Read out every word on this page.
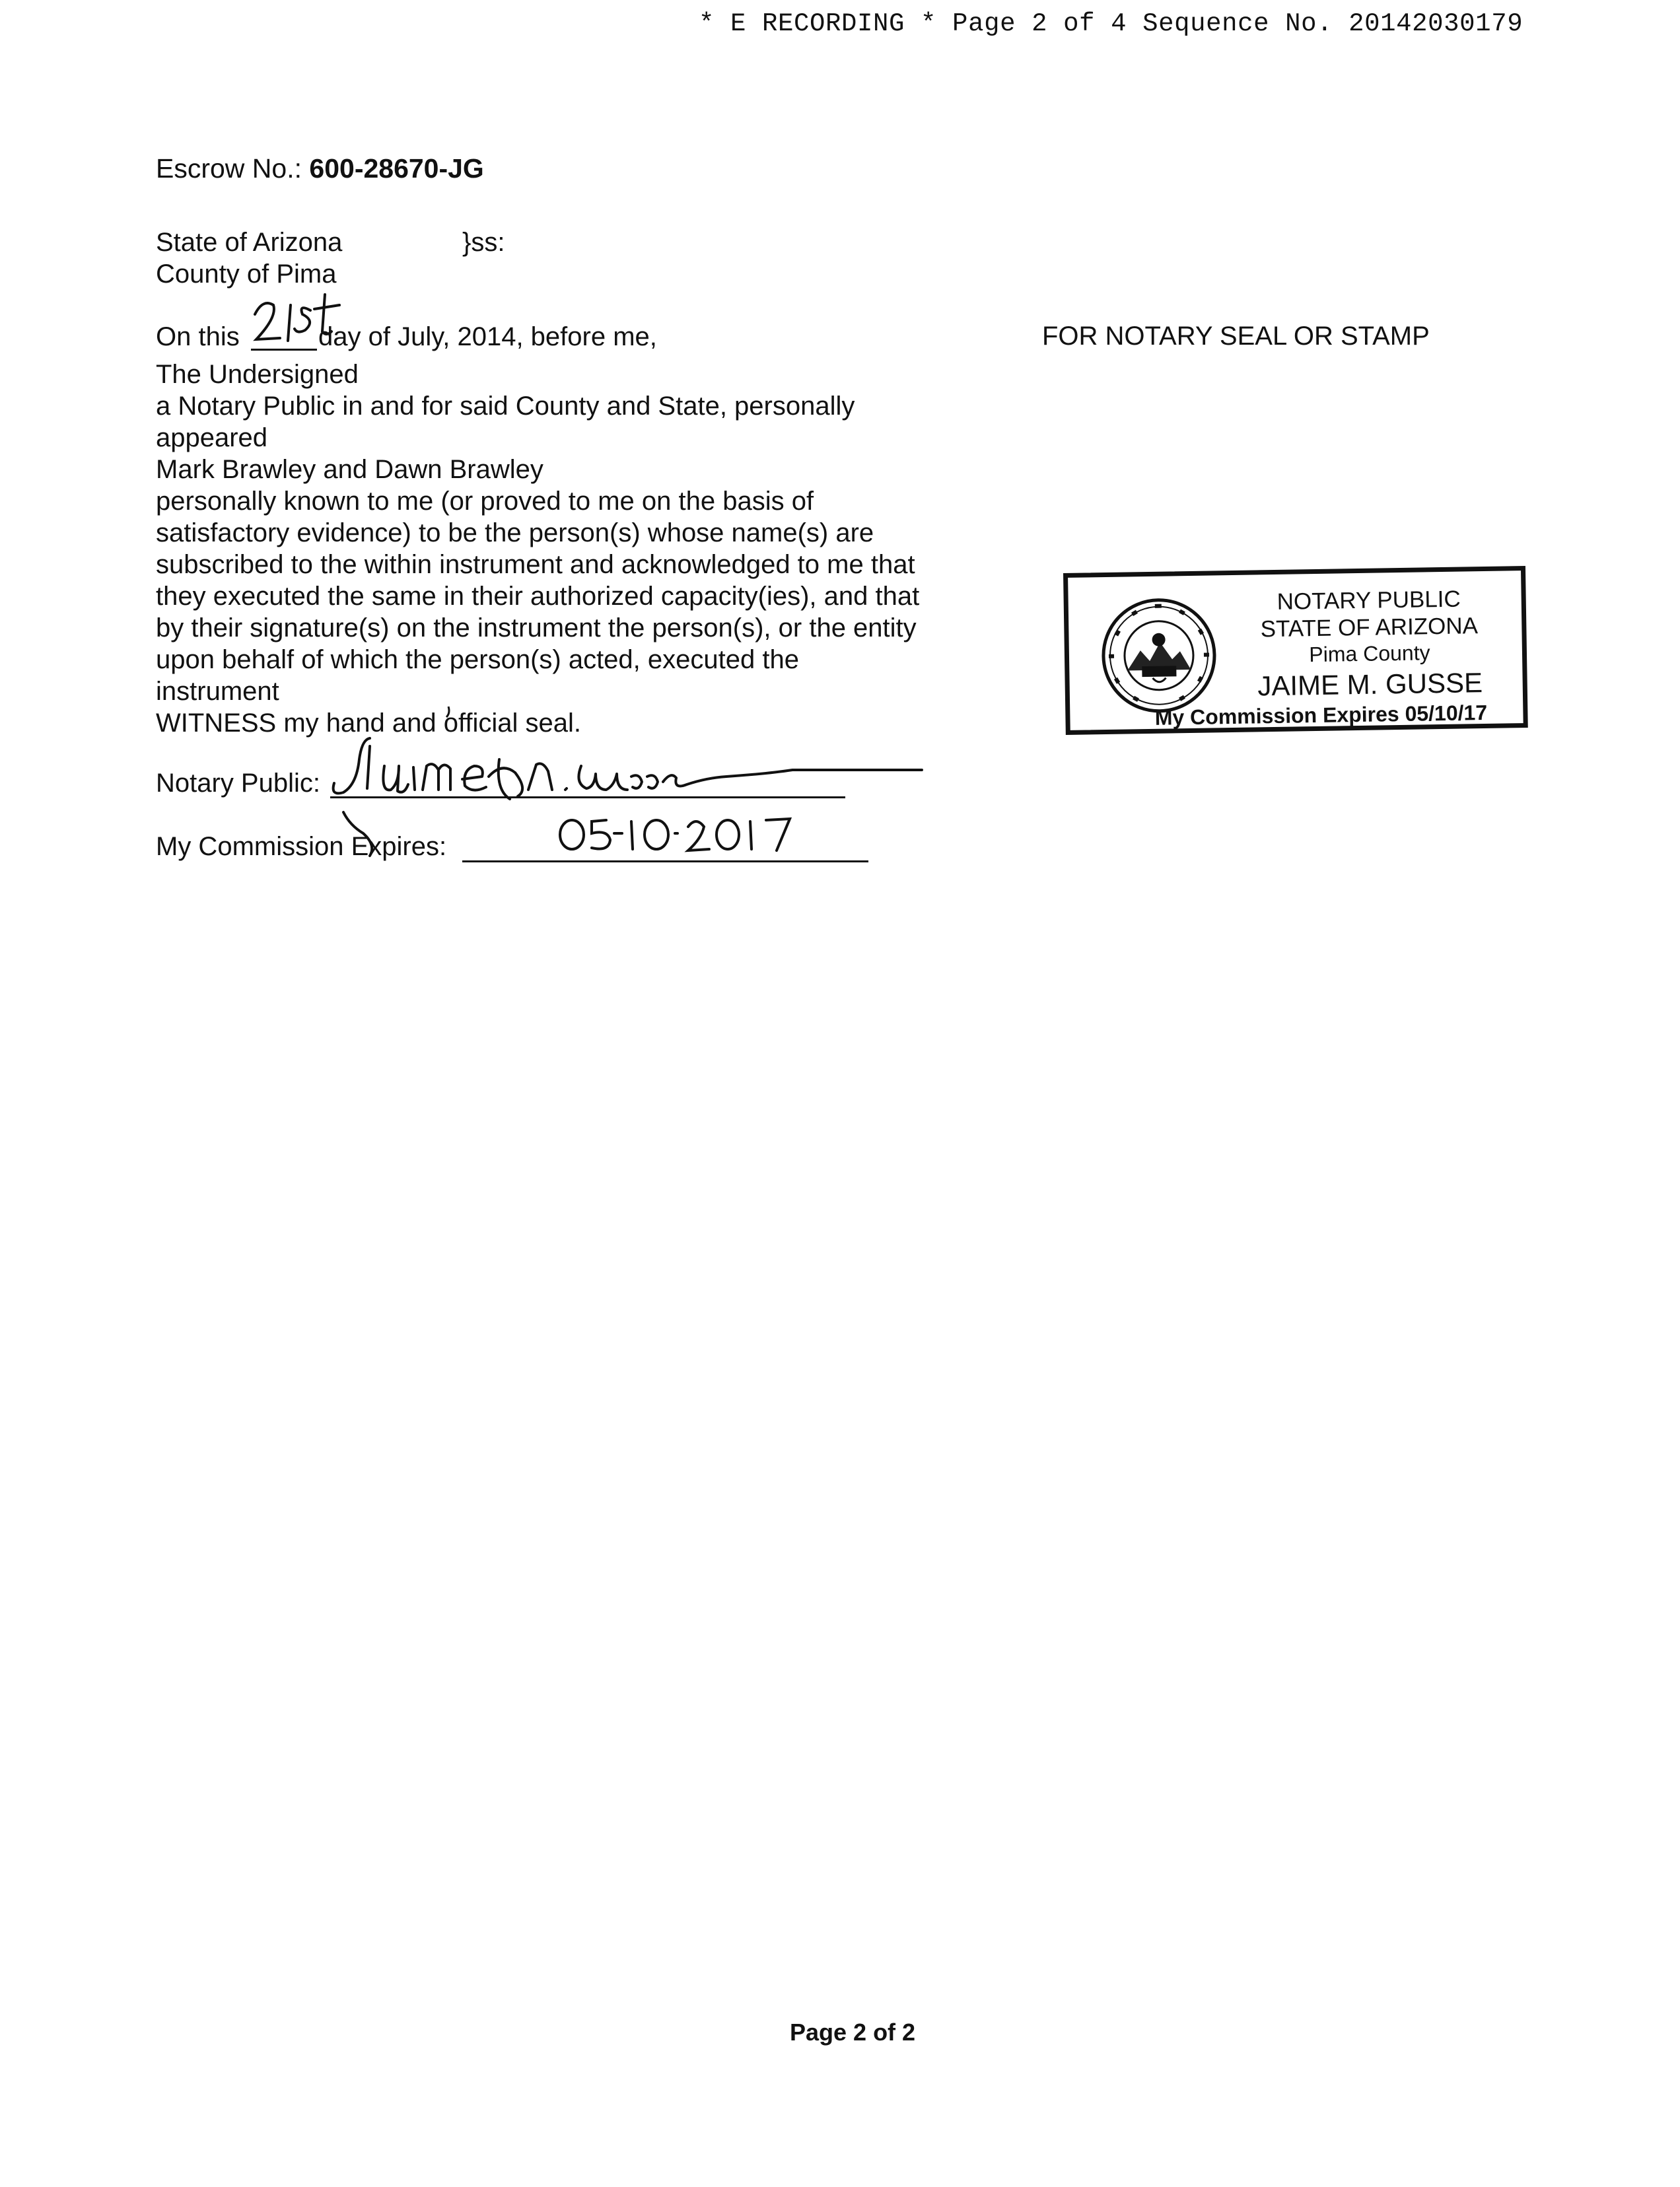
* E RECORDING * Page 2 of 4 Sequence No. 20142030179
Escrow No.: 600-28670-JG
State of Arizona	}ss:
County of Pima
On this	day of July, 2014, before me,
The Undersigned
a Notary Public in and for said County and State, personally
appeared
Mark Brawley and Dawn Brawley
personally known to me (or proved to me on the basis of
satisfactory evidence) to be the person(s) whose name(s) are
subscribed to the within instrument and acknowledged to me that
they executed the same in their authorized capacity(ies), and that
by their signature(s) on the instrument the person(s), or the entity
upon behalf of which the person(s) acted, executed the
instrument
WITNESS my hand and official seal.
Notary Public:
My Commission Expires:
FOR NOTARY SEAL OR STAMP
NOTARY PUBLIC
STATE OF ARIZONA
Pima County
JAIME M. GUSSE
My Commission Expires 05/10/17
Page 2 of 2
